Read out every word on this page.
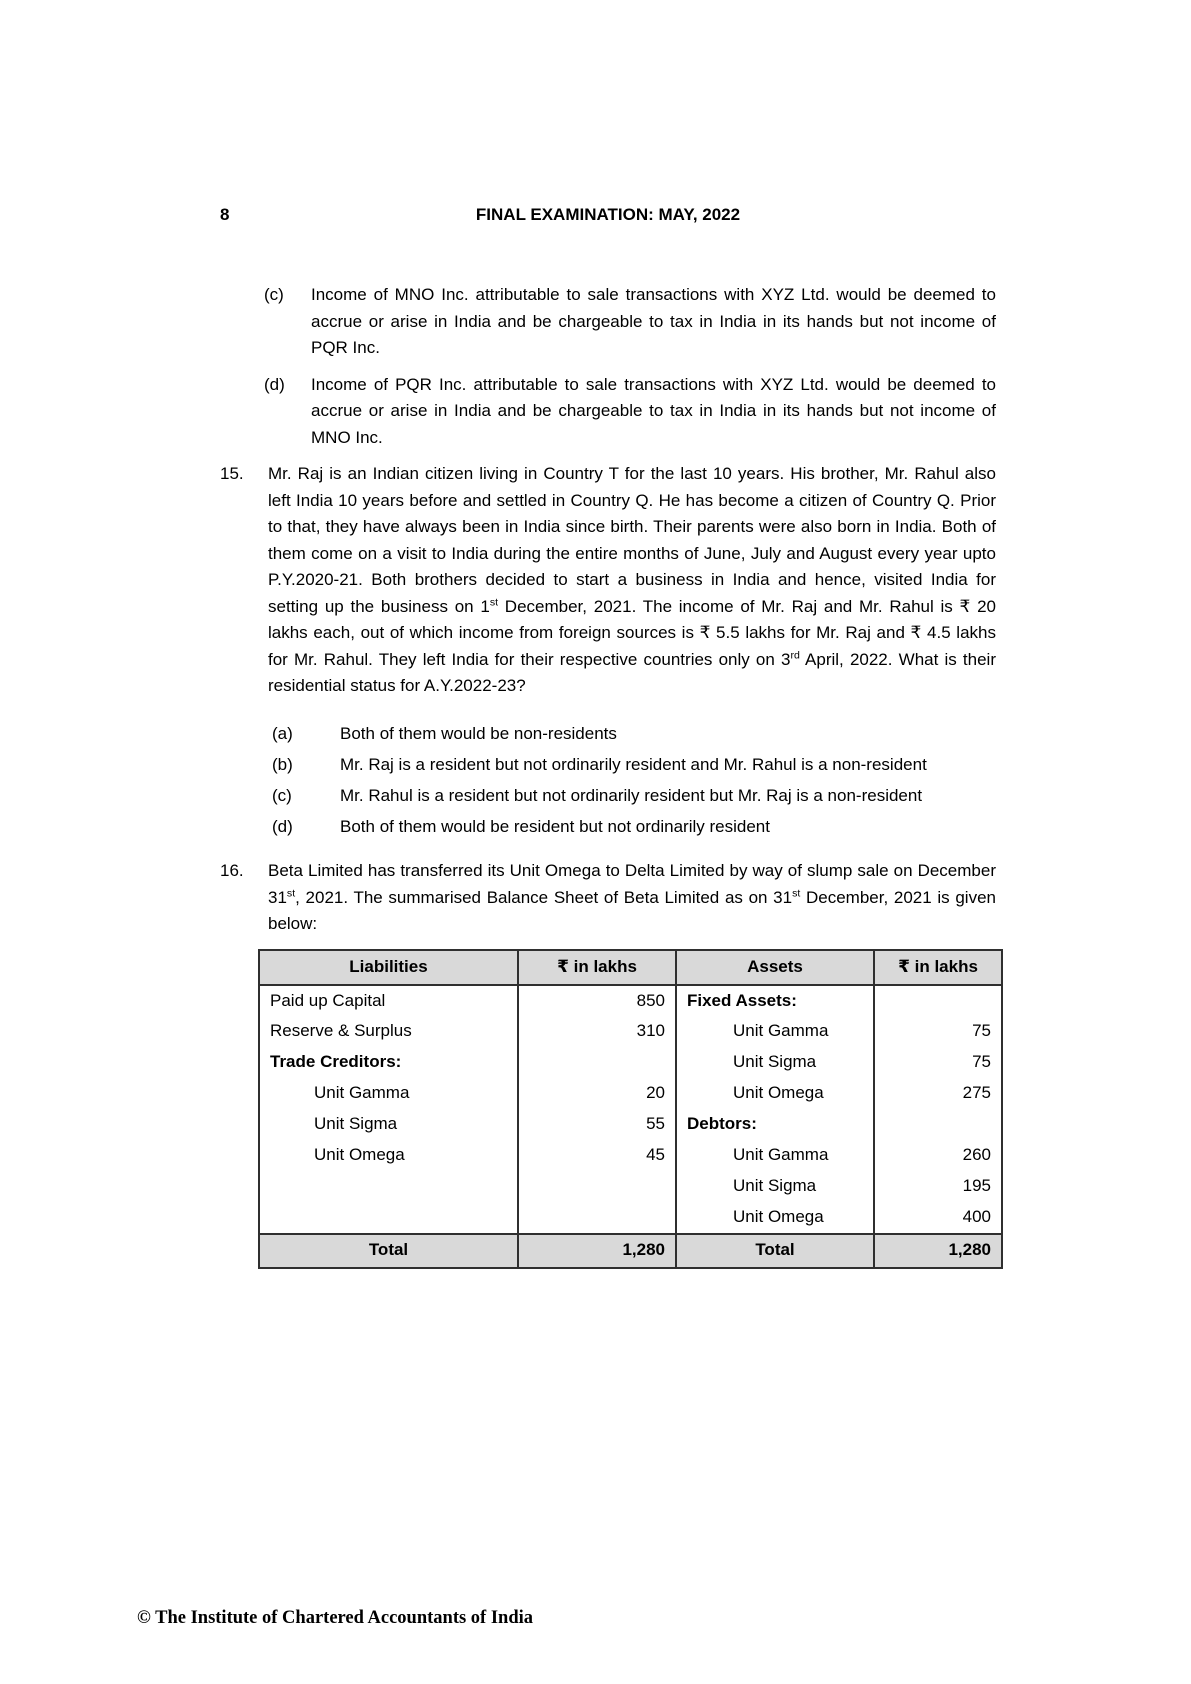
8	FINAL EXAMINATION: MAY, 2022
(c) Income of MNO Inc. attributable to sale transactions with XYZ Ltd. would be deemed to accrue or arise in India and be chargeable to tax in India in its hands but not income of PQR Inc.
(d) Income of PQR Inc. attributable to sale transactions with XYZ Ltd. would be deemed to accrue or arise in India and be chargeable to tax in India in its hands but not income of MNO Inc.
15. Mr. Raj is an Indian citizen living in Country T for the last 10 years. His brother, Mr. Rahul also left India 10 years before and settled in Country Q. He has become a citizen of Country Q. Prior to that, they have always been in India since birth. Their parents were also born in India. Both of them come on a visit to India during the entire months of June, July and August every year upto P.Y.2020-21. Both brothers decided to start a business in India and hence, visited India for setting up the business on 1st December, 2021. The income of Mr. Raj and Mr. Rahul is ₹ 20 lakhs each, out of which income from foreign sources is ₹ 5.5 lakhs for Mr. Raj and ₹ 4.5 lakhs for Mr. Rahul. They left India for their respective countries only on 3rd April, 2022. What is their residential status for A.Y.2022-23?
(a)	Both of them would be non-residents
(b)	Mr. Raj is a resident but not ordinarily resident and Mr. Rahul is a non-resident
(c)	Mr. Rahul is a resident but not ordinarily resident but Mr. Raj is a non-resident
(d)	Both of them would be resident but not ordinarily resident
16. Beta Limited has transferred its Unit Omega to Delta Limited by way of slump sale on December 31st, 2021. The summarised Balance Sheet of Beta Limited as on 31st December, 2021 is given below:
Liabilities	₹ in lakhs	Assets	₹ in lakhs
Paid up Capital	850	Fixed Assets:	
Reserve & Surplus	310	Unit Gamma	75
Trade Creditors:		Unit Sigma	75
Unit Gamma	20	Unit Omega	275
Unit Sigma	55	Debtors:	
Unit Omega	45	Unit Gamma	260
		Unit Sigma	195
		Unit Omega	400
Total	1,280	Total	1,280
© The Institute of Chartered Accountants of India
